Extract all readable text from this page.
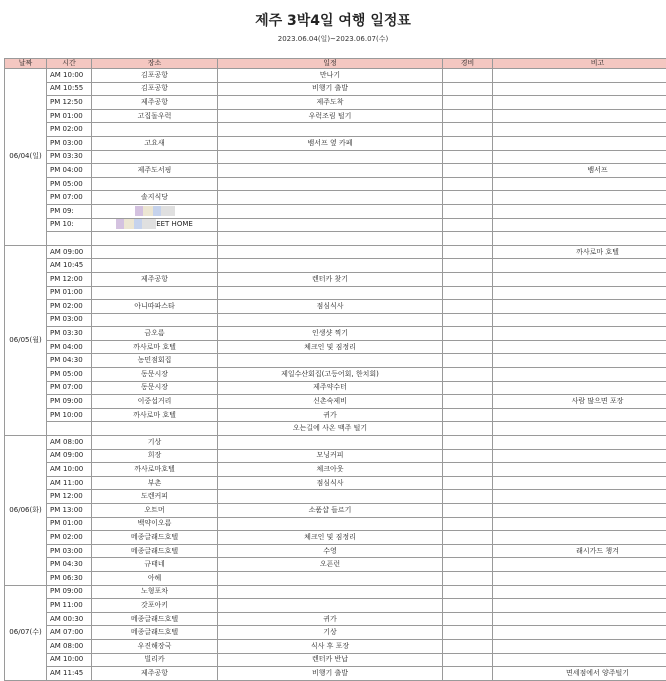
제주 3박4일 여행 일정표
2023.06.04(일)~2023.06.07(수)
날짜	시간	장소	일정	경비	비고
06/04(일)	AM 10:00	김포공항	만나기		
	AM 10:55	김포공항	비행기 출발		
	PM 12:50	제주공항	제주도착		
	PM 01:00	고집돌우럭	우럭조림 털기		
	PM 02:00				
	PM 03:00	고요새	뱀서프 옆 카페		
	PM 03:30				
	PM 04:00	제주도서핑			뱀서프
	PM 05:00				
	PM 07:00	솔지식당			
	PM 09:				
	PM 10:	EET HOME			

06/05(월)	AM 09:00				까사로마 호텔
	AM 10:45				
	PM 12:00	제주공항	렌터카 찾기		
	PM 01:00				
	PM 02:00	아니따파스타	점심식사		
	PM 03:00				
	PM 03:30	금오름	인생샷 찍기		
	PM 04:00	까사로마 호텔	체크인 및 짐정리		
	PM 04:30	농민점회집			
	PM 05:00	동문시장	제일수산회집(고등어회, 한치회)		
	PM 07:00	동문시장	제주약수터		
	PM 09:00	이중섭거리	신촌숙제비		사람 많으면 포장
	PM 10:00	까사로마 호텔	귀가		
			오는길에 사온 맥주 털기		
06/06(화)	AM 08:00	기상			
	AM 09:00	희장	모닝커피		
	AM 10:00	까사로마호텔	체크아웃		
	AM 11:00	부촌	점심식사		
	PM 12:00	도렌커피			
	PM 13:00	오트머	소품샵 들르기		
	PM 01:00	백약이오름			
	PM 02:00	메종글래드호텔	체크인 및 짐정리		
	PM 03:00	메종글래드호텔	수영		래시가드 챙겨
	PM 04:30	규태네	오픈런		
	PM 06:30	아헤			
06/07(수)	PM 09:00	노형포차			
	PM 11:00	갓포아키			
	AM 00:30	메종글래드호텔	귀가		
	AM 07:00	메종글래드호텔	기상		
	AM 08:00	우진해장국	식사 후 포장		
	AM 10:00	빌리카	렌터카 반납		
	AM 11:45	제주공항	비행기 출발		면세점에서 양주털기
